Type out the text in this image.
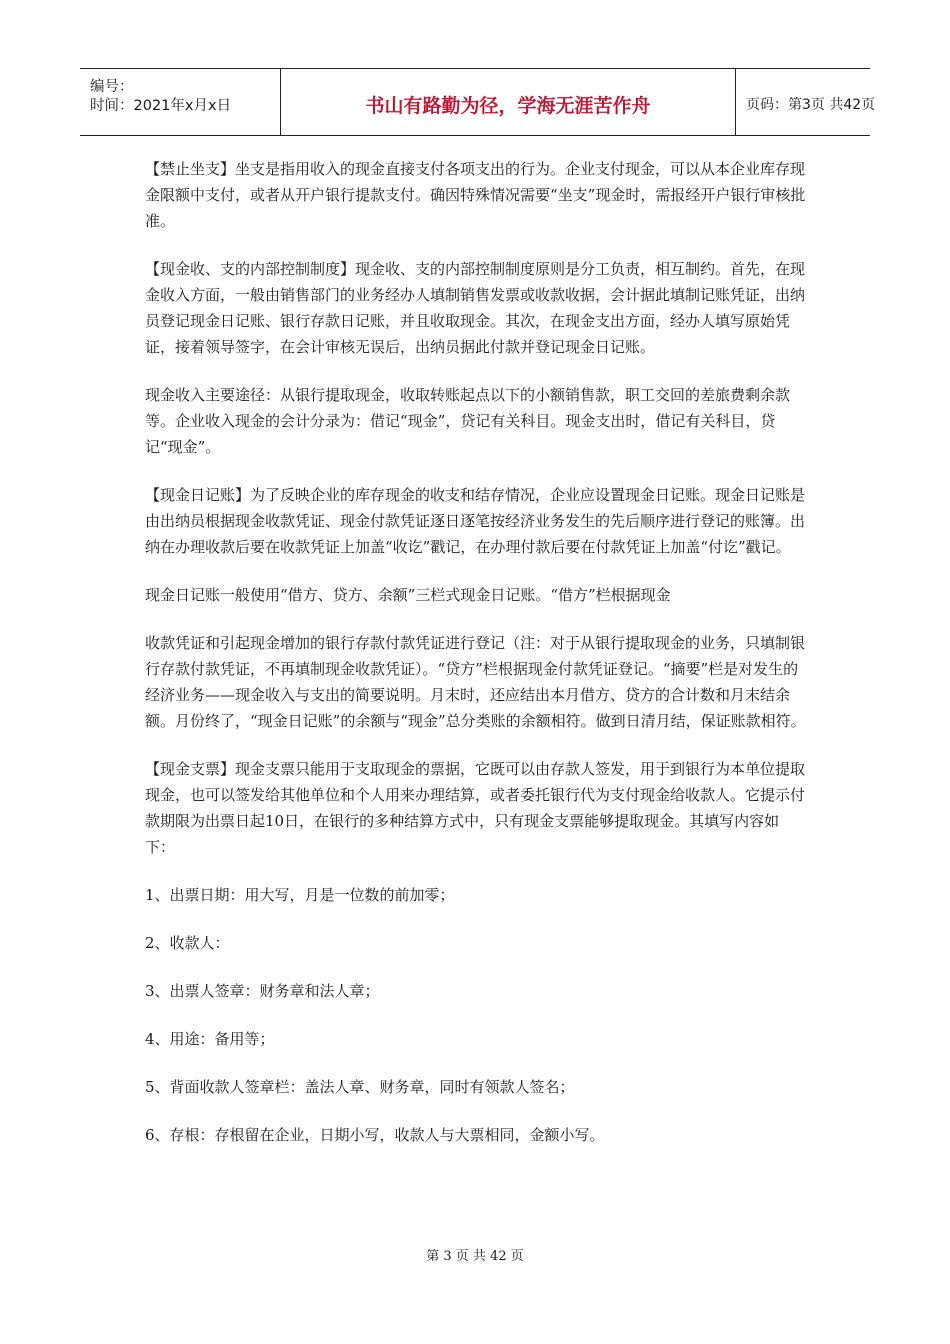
编号：
时间：2021年x月x日	书山有路勤为径，学海无涯苦作舟	页码：第3页 共42页

【禁止坐支】坐支是指用收入的现金直接支付各项支出的行为。企业支付现金，可以从本企业库存现金限额中支付，或者从开户银行提款支付。确因特殊情况需要“坐支”现金时，需报经开户银行审核批准。

【现金收、支的内部控制制度】现金收、支的内部控制制度原则是分工负责，相互制约。首先，在现金收入方面，一般由销售部门的业务经办人填制销售发票或收款收据，会计据此填制记账凭证，出纳员登记现金日记账、银行存款日记账，并且收取现金。其次，在现金支出方面，经办人填写原始凭证，接着领导签字，在会计审核无误后，出纳员据此付款并登记现金日记账。

现金收入主要途径：从银行提取现金，收取转账起点以下的小额销售款，职工交回的差旅费剩余款等。企业收入现金的会计分录为：借记“现金”，贷记有关科目。现金支出时，借记有关科目，贷记“现金”。

【现金日记账】为了反映企业的库存现金的收支和结存情况，企业应设置现金日记账。现金日记账是由出纳员根据现金收款凭证、现金付款凭证逐日逐笔按经济业务发生的先后顺序进行登记的账簿。出纳在办理收款后要在收款凭证上加盖“收讫”戳记，在办理付款后要在付款凭证上加盖“付讫”戳记。

现金日记账一般使用“借方、贷方、余额”三栏式现金日记账。“借方”栏根据现金

收款凭证和引起现金增加的银行存款付款凭证进行登记（注：对于从银行提取现金的业务，只填制银行存款付款凭证，不再填制现金收款凭证）。“贷方”栏根据现金付款凭证登记。“摘要”栏是对发生的经济业务——现金收入与支出的简要说明。月末时，还应结出本月借方、贷方的合计数和月末结余额。月份终了，“现金日记账”的余额与“现金”总分类账的余额相符。做到日清月结，保证账款相符。

【现金支票】现金支票只能用于支取现金的票据，它既可以由存款人签发，用于到银行为本单位提取现金，也可以签发给其他单位和个人用来办理结算，或者委托银行代为支付现金给收款人。它提示付款期限为出票日起10日，在银行的多种结算方式中，只有现金支票能够提取现金。其填写内容如下：

1、出票日期：用大写，月是一位数的前加零；

2、收款人：

3、出票人签章：财务章和法人章；

4、用途：备用等；

5、背面收款人签章栏：盖法人章、财务章，同时有领款人签名；

6、存根：存根留在企业，日期小写，收款人与大票相同，金额小写。

第 3 页 共 42 页
